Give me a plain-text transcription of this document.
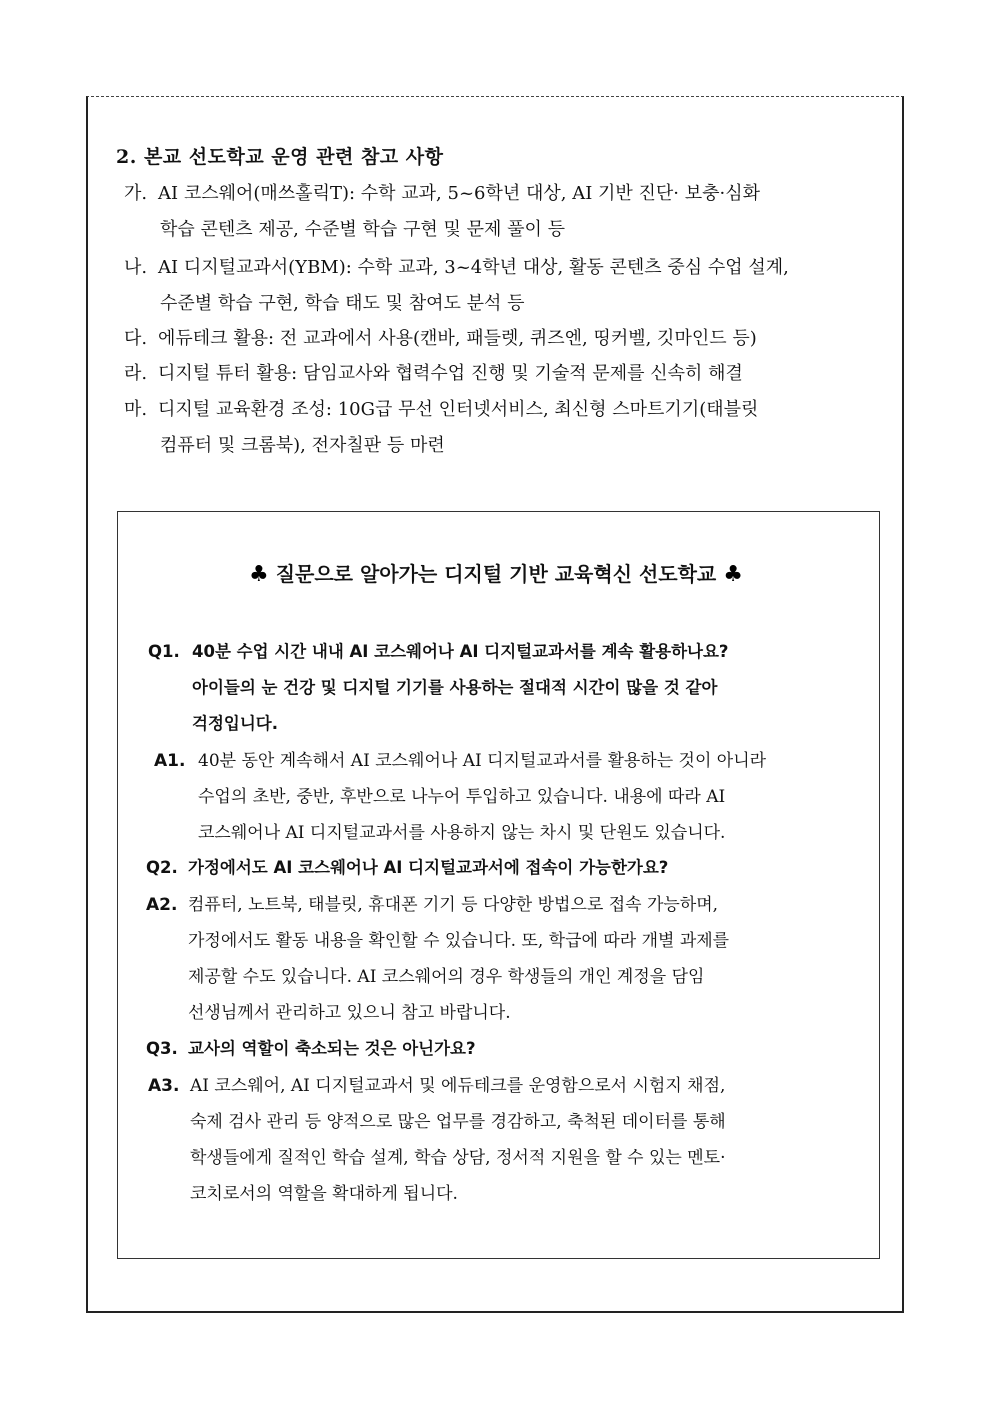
2. 본교 선도학교 운영 관련 참고 사항
가. AI 코스웨어(매쓰홀릭T): 수학 교과, 5~6학년 대상, AI 기반 진단· 보충·심화
학습 콘텐츠 제공, 수준별 학습 구현 및 문제 풀이 등
나. AI 디지털교과서(YBM): 수학 교과, 3~4학년 대상, 활동 콘텐츠 중심 수업 설계,
수준별 학습 구현, 학습 태도 및 참여도 분석 등
다. 에듀테크 활용: 전 교과에서 사용(캔바, 패들렛, 퀴즈엔, 띵커벨, 깃마인드 등)
라. 디지털 튜터 활용: 담임교사와 협력수업 진행 및 기술적 문제를 신속히 해결
마. 디지털 교육환경 조성: 10G급 무선 인터넷서비스, 최신형 스마트기기(태블릿
컴퓨터 및 크롬북), 전자칠판 등 마련
♣ 질문으로 알아가는 디지털 기반 교육혁신 선도학교 ♣
Q1. 40분 수업 시간 내내 AI 코스웨어나 AI 디지털교과서를 계속 활용하나요?
아이들의 눈 건강 및 디지털 기기를 사용하는 절대적 시간이 많을 것 같아
걱정입니다.
A1. 40분 동안 계속해서 AI 코스웨어나 AI 디지털교과서를 활용하는 것이 아니라
수업의 초반, 중반, 후반으로 나누어 투입하고 있습니다. 내용에 따라 AI
코스웨어나 AI 디지털교과서를 사용하지 않는 차시 및 단원도 있습니다.
Q2. 가정에서도 AI 코스웨어나 AI 디지털교과서에 접속이 가능한가요?
A2. 컴퓨터, 노트북, 태블릿, 휴대폰 기기 등 다양한 방법으로 접속 가능하며,
가정에서도 활동 내용을 확인할 수 있습니다. 또, 학급에 따라 개별 과제를
제공할 수도 있습니다. AI 코스웨어의 경우 학생들의 개인 계정을 담임
선생님께서 관리하고 있으니 참고 바랍니다.
Q3. 교사의 역할이 축소되는 것은 아닌가요?
A3. AI 코스웨어, AI 디지털교과서 및 에듀테크를 운영함으로서 시험지 채점,
숙제 검사 관리 등 양적으로 많은 업무를 경감하고, 축척된 데이터를 통해
학생들에게 질적인 학습 설계, 학습 상담, 정서적 지원을 할 수 있는 멘토·
코치로서의 역할을 확대하게 됩니다.
